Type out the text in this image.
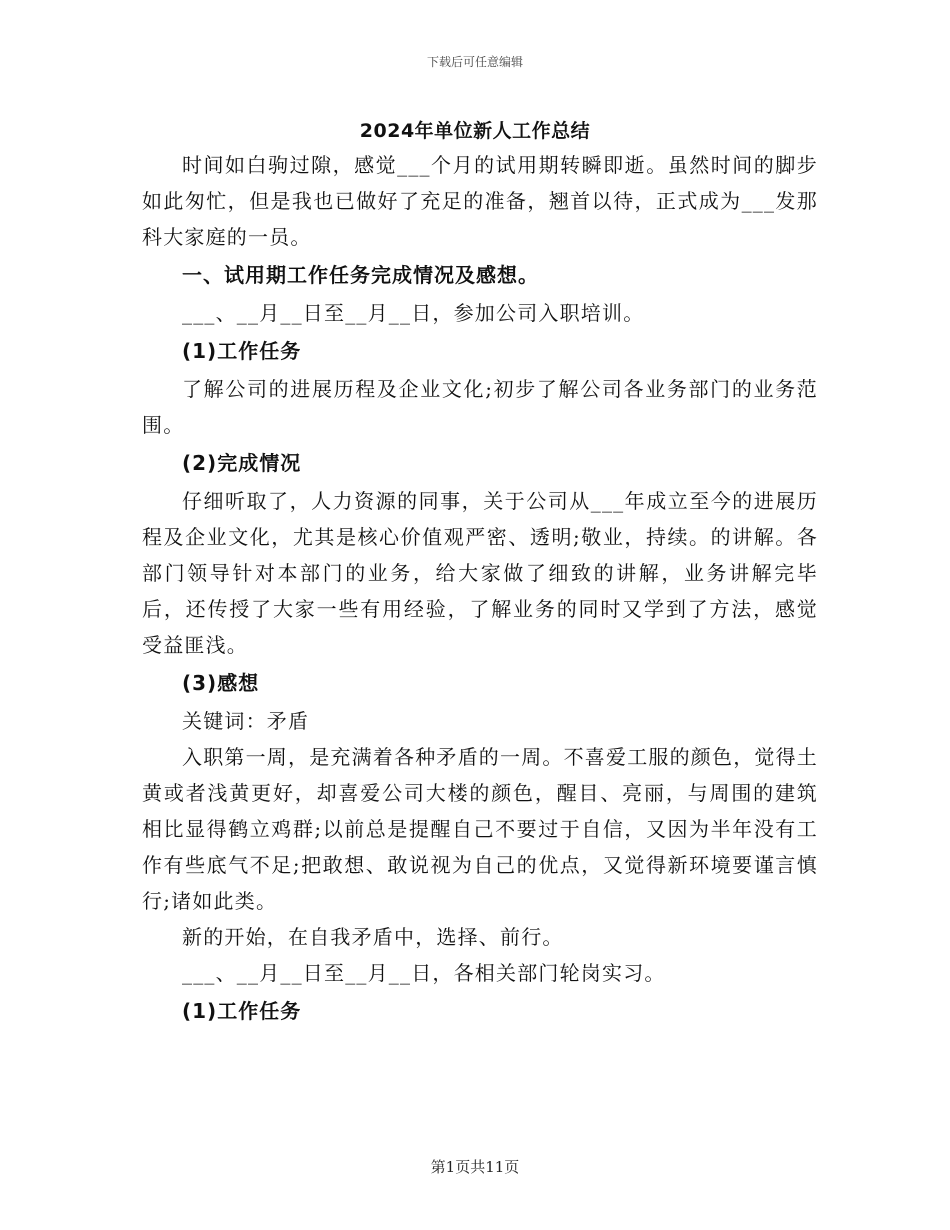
下载后可任意编辑
2024年单位新人工作总结

时间如白驹过隙，感觉___个月的试用期转瞬即逝。虽然时间的脚步如此匆忙，但是我也已做好了充足的准备，翘首以待，正式成为___发那科大家庭的一员。

一、试用期工作任务完成情况及感想。

___、__月__日至__月__日，参加公司入职培训。

(1)工作任务

了解公司的进展历程及企业文化;初步了解公司各业务部门的业务范围。

(2)完成情况

仔细听取了，人力资源的同事，关于公司从___年成立至今的进展历程及企业文化，尤其是核心价值观严密、透明;敬业，持续。的讲解。各部门领导针对本部门的业务，给大家做了细致的讲解，业务讲解完毕后，还传授了大家一些有用经验，了解业务的同时又学到了方法，感觉受益匪浅。

(3)感想

关键词：矛盾

入职第一周，是充满着各种矛盾的一周。不喜爱工服的颜色，觉得土黄或者浅黄更好，却喜爱公司大楼的颜色，醒目、亮丽，与周围的建筑相比显得鹤立鸡群;以前总是提醒自己不要过于自信，又因为半年没有工作有些底气不足;把敢想、敢说视为自己的优点，又觉得新环境要谨言慎行;诸如此类。

新的开始，在自我矛盾中，选择、前行。

___、__月__日至__月__日，各相关部门轮岗实习。

(1)工作任务

第1页共11页
